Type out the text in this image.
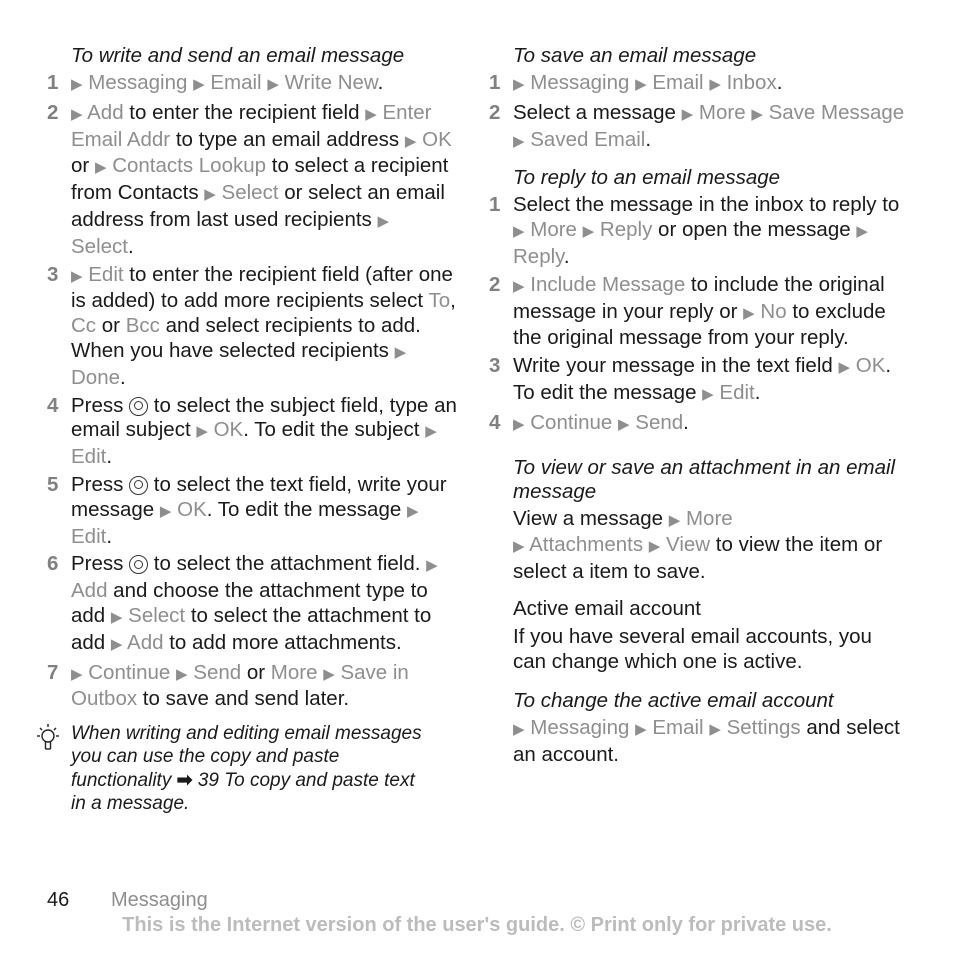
To write and send an email message
1 ▶ Messaging ▶ Email ▶ Write New.
2 ▶ Add to enter the recipient field ▶ Enter Email Addr to type an email address ▶ OK or ▶ Contacts Lookup to select a recipient from Contacts ▶ Select or select an email address from last used recipients ▶ Select.
3 ▶ Edit to enter the recipient field (after one is added) to add more recipients select To, Cc or Bcc and select recipients to add. When you have selected recipients ▶ Done.
4 Press  to select the subject field, type an email subject ▶ OK. To edit the subject ▶ Edit.
5 Press  to select the text field, write your message ▶ OK. To edit the message ▶ Edit.
6 Press  to select the attachment field. ▶ Add and choose the attachment type to add ▶ Select to select the attachment to add ▶ Add to add more attachments.
7 ▶ Continue ▶ Send or More ▶ Save in Outbox to save and send later.
When writing and editing email messages you can use the copy and paste functionality ➡ 39 To copy and paste text in a message.
To save an email message
1 ▶ Messaging ▶ Email ▶ Inbox.
2 Select a message ▶ More ▶ Save Message ▶ Saved Email.
To reply to an email message
1 Select the message in the inbox to reply to ▶ More ▶ Reply or open the message ▶ Reply.
2 ▶ Include Message to include the original message in your reply or ▶ No to exclude the original message from your reply.
3 Write your message in the text field ▶ OK. To edit the message ▶ Edit.
4 ▶ Continue ▶ Send.
To view or save an attachment in an email message
View a message ▶ More
▶ Attachments ▶ View to view the item or select a item to save.
Active email account
If you have several email accounts, you can change which one is active.
To change the active email account
▶ Messaging ▶ Email ▶ Settings and select an account.
46 Messaging
This is the Internet version of the user's guide. © Print only for private use.
